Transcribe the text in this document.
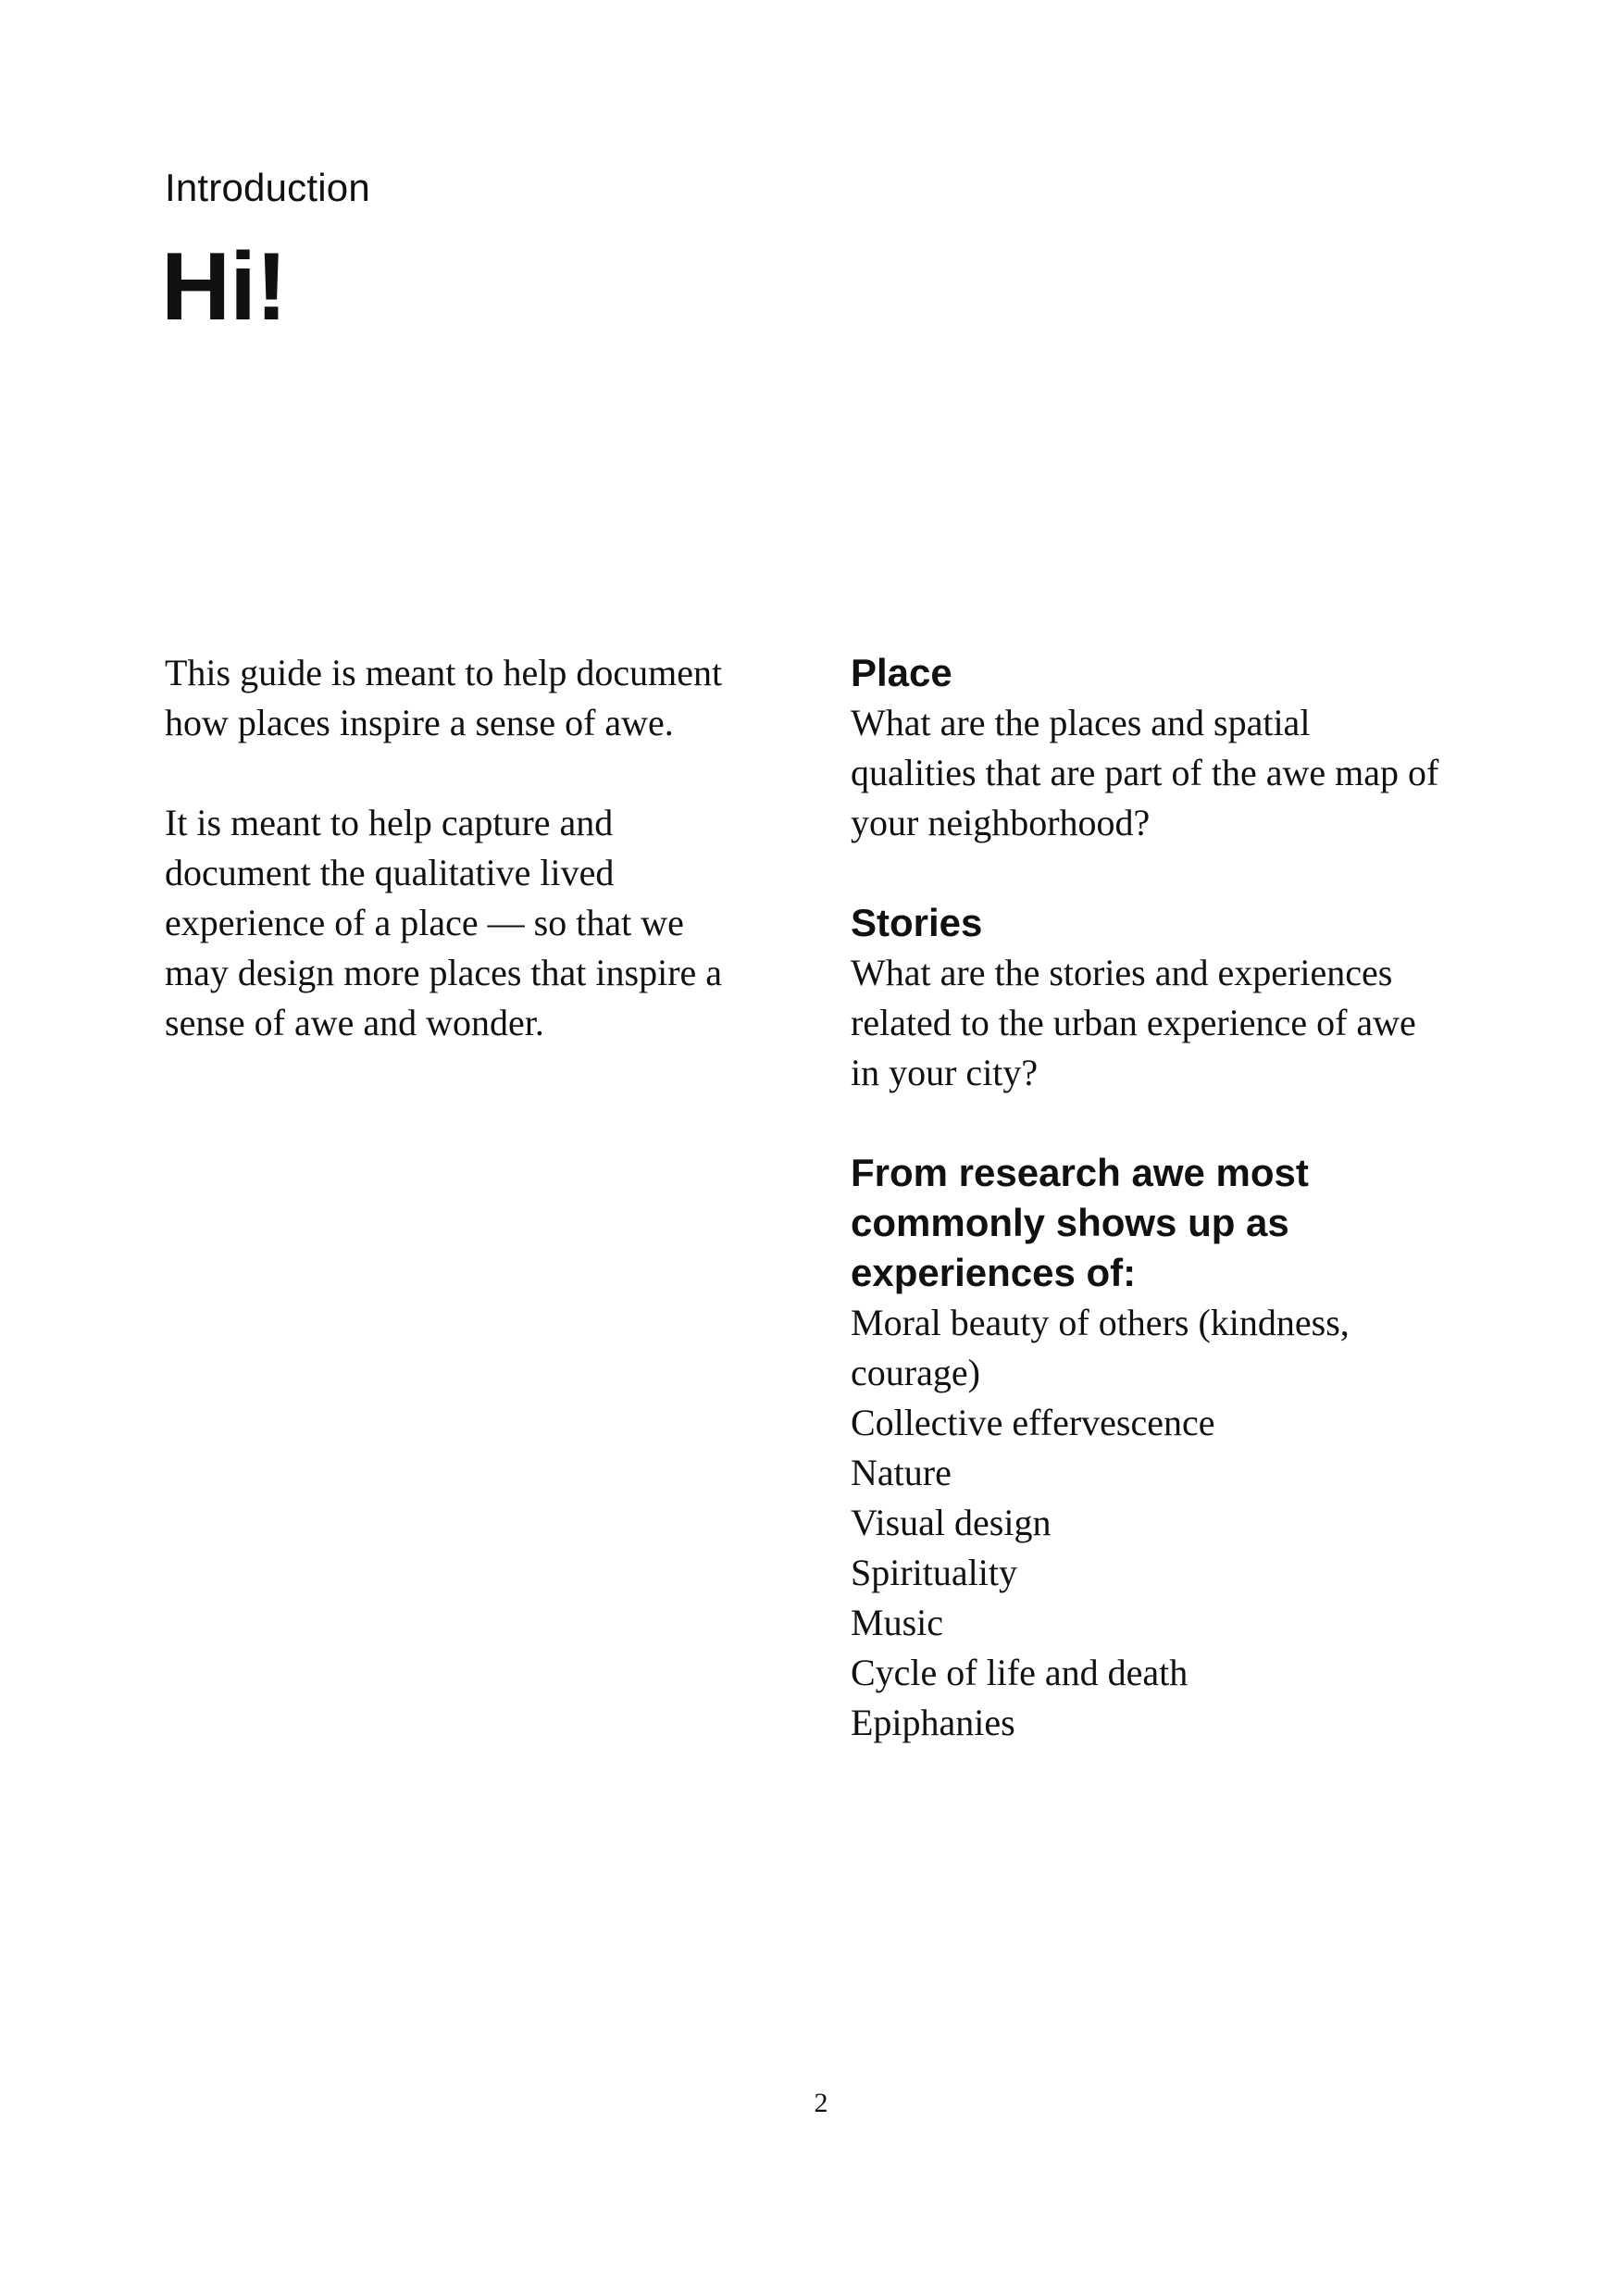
Introduction

Hi!

This guide is meant to help document
how places inspire a sense of awe.

It is meant to help capture and
document the qualitative lived
experience of a place — so that we
may design more places that inspire a
sense of awe and wonder.

Place

What are the places and spatial
qualities that are part of the awe map of
your neighborhood?

Stories

What are the stories and experiences
related to the urban experience of awe
in your city?

From research awe most
commonly shows up as
experiences of:
Moral beauty of others (kindness,
courage)
Collective effervescence
Nature
Visual design
Spirituality
Music
Cycle of life and death
Epiphanies

2
